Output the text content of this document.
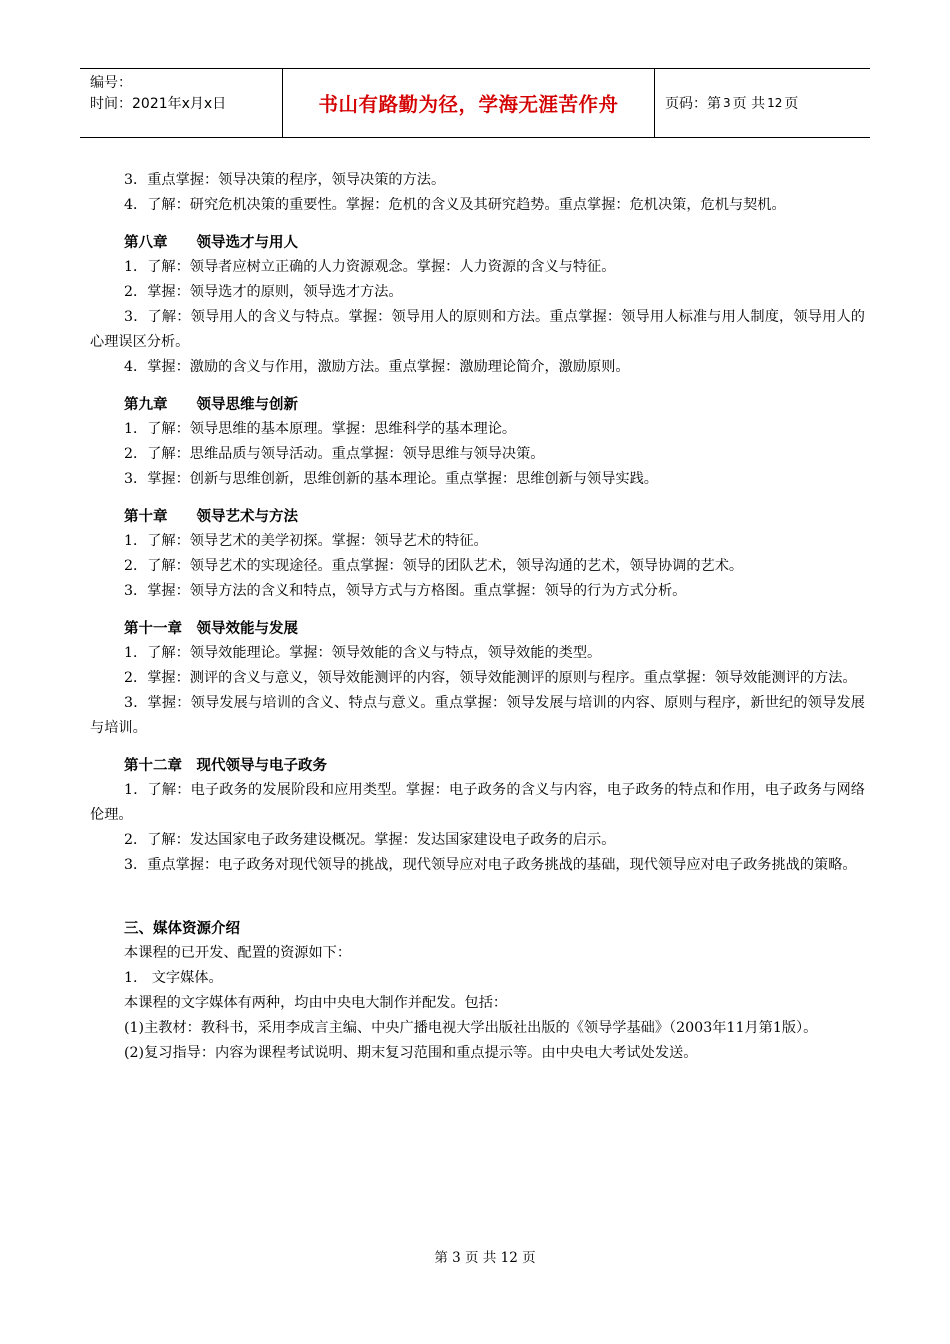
编号：
时间：2021年x月x日	书山有路勤为径，学海无涯苦作舟	页码：第 3 页 共 12 页

3．重点掌握：领导决策的程序，领导决策的方法。

4．了解：研究危机决策的重要性。掌握：危机的含义及其研究趋势。重点掌握：危机决策，危机与契机。

第八章　　领导选才与用人

1．了解：领导者应树立正确的人力资源观念。掌握：人力资源的含义与特征。

2．掌握：领导选才的原则，领导选才方法。

3．了解：领导用人的含义与特点。掌握：领导用人的原则和方法。重点掌握：领导用人标准与用人制度，领导用人的心理误区分析。

4．掌握：激励的含义与作用，激励方法。重点掌握：激励理论简介，激励原则。

第九章　　领导思维与创新

1．了解：领导思维的基本原理。掌握：思维科学的基本理论。

2．了解：思维品质与领导活动。重点掌握：领导思维与领导决策。

3．掌握：创新与思维创新，思维创新的基本理论。重点掌握：思维创新与领导实践。

第十章　　领导艺术与方法

1．了解：领导艺术的美学初探。掌握：领导艺术的特征。

2．了解：领导艺术的实现途径。重点掌握：领导的团队艺术，领导沟通的艺术，领导协调的艺术。

3．掌握：领导方法的含义和特点，领导方式与方格图。重点掌握：领导的行为方式分析。

第十一章　领导效能与发展

1．了解：领导效能理论。掌握：领导效能的含义与特点，领导效能的类型。

2．掌握：测评的含义与意义，领导效能测评的内容，领导效能测评的原则与程序。重点掌握：领导效能测评的方法。

3．掌握：领导发展与培训的含义、特点与意义。重点掌握：领导发展与培训的内容、原则与程序，新世纪的领导发展与培训。

第十二章　现代领导与电子政务

1．了解：电子政务的发展阶段和应用类型。掌握：电子政务的含义与内容，电子政务的特点和作用，电子政务与网络伦理。

2．了解：发达国家电子政务建设概况。掌握：发达国家建设电子政务的启示。

3．重点掌握：电子政务对现代领导的挑战，现代领导应对电子政务挑战的基础，现代领导应对电子政务挑战的策略。

三、媒体资源介绍

本课程的已开发、配置的资源如下：

1.　文字媒体。

本课程的文字媒体有两种，均由中央电大制作并配发。包括：

(1)主教材：教科书，采用李成言主编、中央广播电视大学出版社出版的《领导学基础》（2003年11月第1版）。

(2)复习指导：内容为课程考试说明、期末复习范围和重点提示等。由中央电大考试处发送。

第 3 页 共 12 页
